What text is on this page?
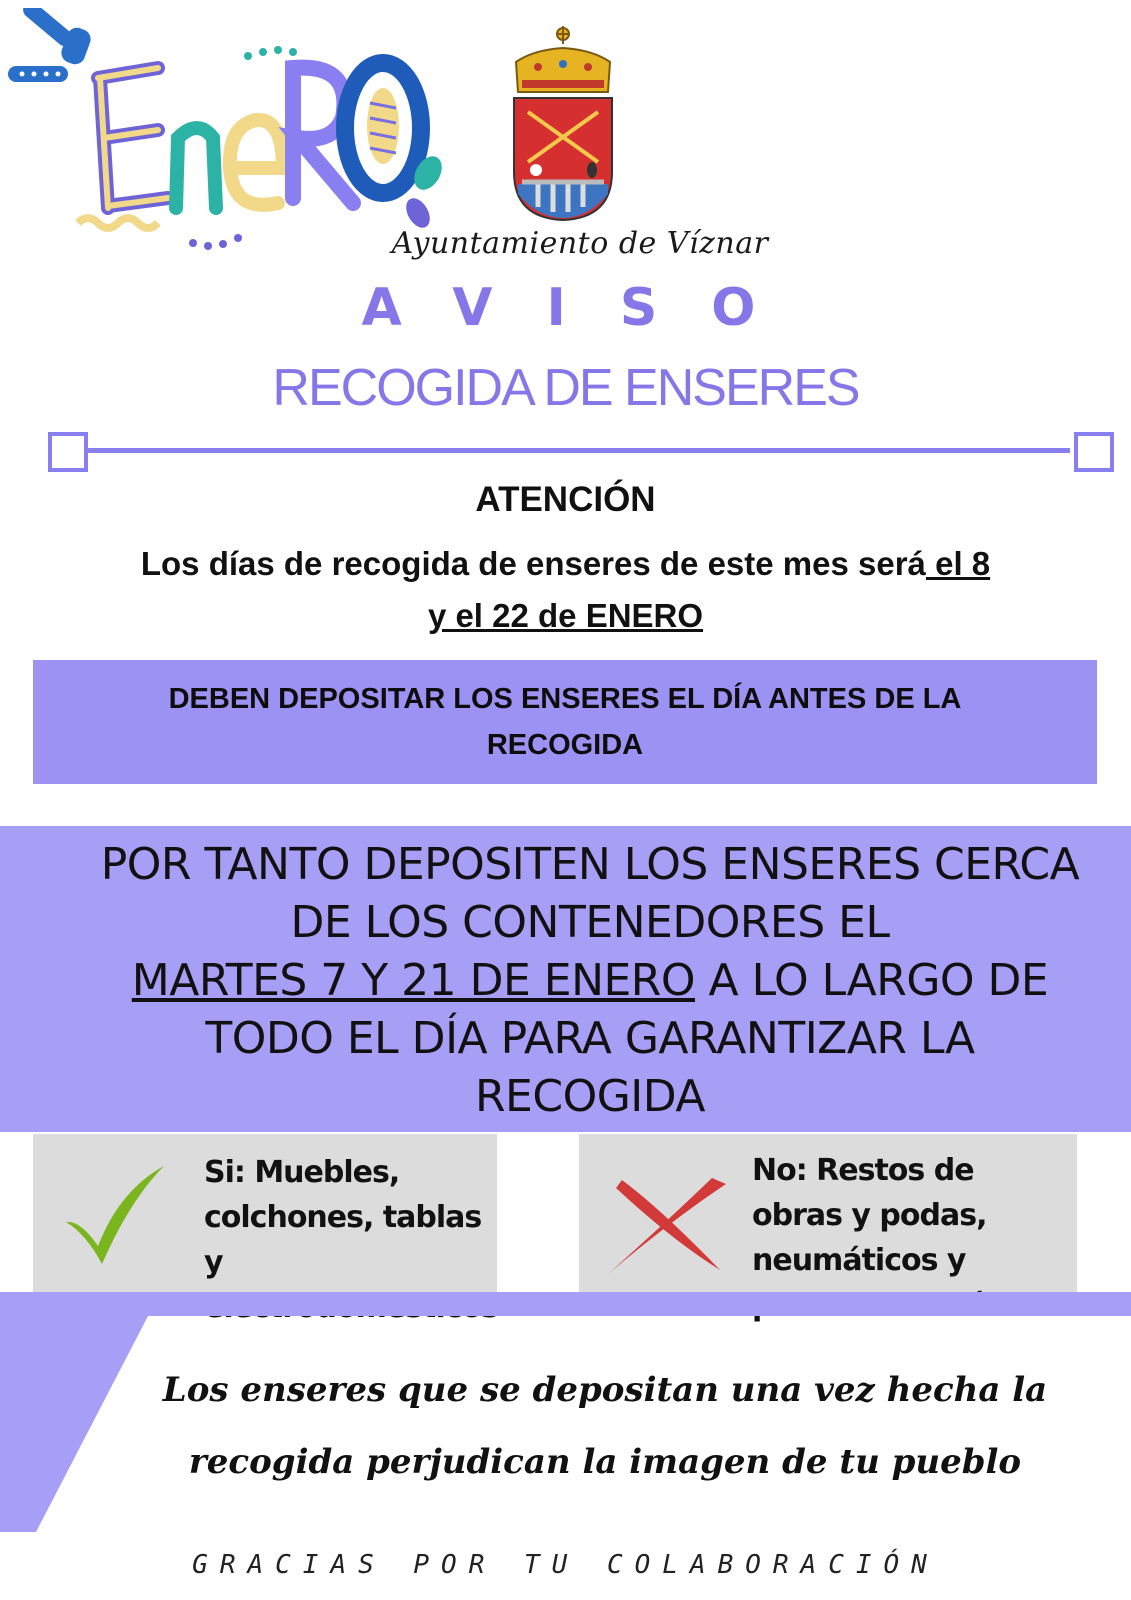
Ayuntamiento de Víznar
AVISO
RECOGIDA DE ENSERES
ATENCIÓN
Los días de recogida de enseres de este mes será el 8
y el 22 de ENERO
DEBEN DEPOSITAR LOS ENSERES EL DÍA ANTES DE LA RECOGIDA
POR TANTO DEPOSITEN LOS ENSERES CERCA DE LOS CONTENEDORES EL
MARTES 7 Y 21 DE ENERO A LO LARGO DE TODO EL DÍA PARA GARANTIZAR LA RECOGIDA
Si: Muebles, colchones, tablas y
No: Restos de obras y podas, neumáticos y
Los enseres que se depositan una vez hecha la recogida perjudican la imagen de tu pueblo
GRACIAS POR TU COLABORACIÓN
